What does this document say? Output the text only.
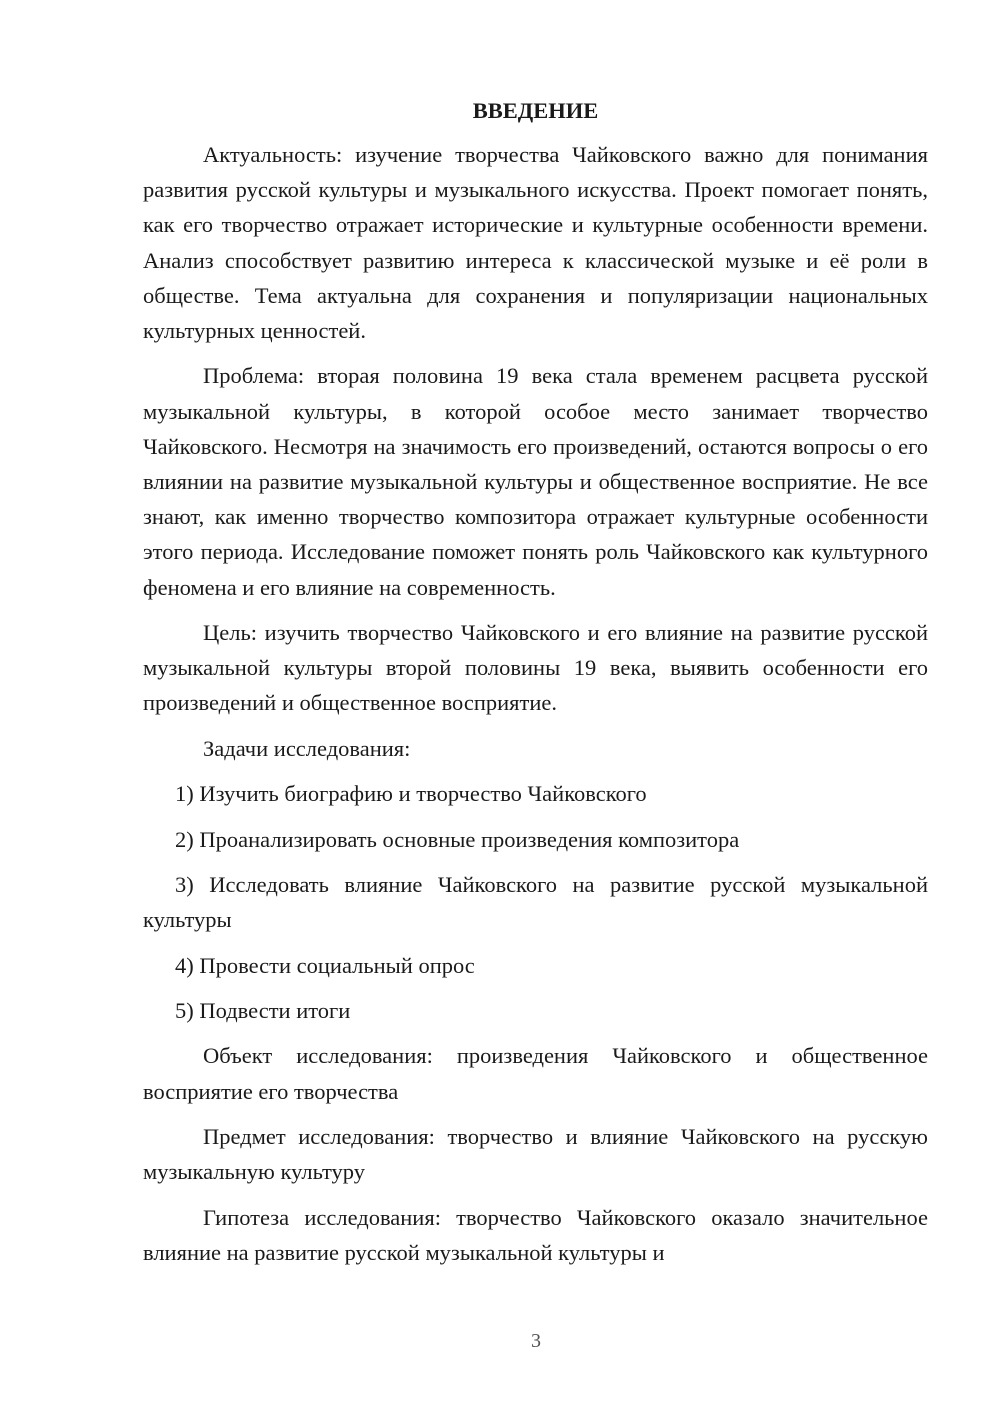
ВВЕДЕНИЕ

Актуальность: изучение творчества Чайковского важно для понимания развития русской культуры и музыкального искусства. Проект помогает понять, как его творчество отражает исторические и культурные особенности времени. Анализ способствует развитию интереса к классической музыке и её роли в обществе. Тема актуальна для сохранения и популяризации национальных культурных ценностей.

Проблема: вторая половина 19 века стала временем расцвета русской музыкальной культуры, в которой особое место занимает творчество Чайковского. Несмотря на значимость его произведений, остаются вопросы о его влиянии на развитие музыкальной культуры и общественное восприятие. Не все знают, как именно творчество композитора отражает культурные особенности этого периода. Исследование поможет понять роль Чайковского как культурного феномена и его влияние на современность.

Цель: изучить творчество Чайковского и его влияние на развитие русской музыкальной культуры второй половины 19 века, выявить особенности его произведений и общественное восприятие.

Задачи исследования:

1) Изучить биографию и творчество Чайковского

2) Проанализировать основные произведения композитора

3) Исследовать влияние Чайковского на развитие русской музыкальной культуры

4) Провести социальный опрос

5) Подвести итоги

Объект исследования: произведения Чайковского и общественное восприятие его творчества

Предмет исследования: творчество и влияние Чайковского на русскую музыкальную культуру

Гипотеза исследования: творчество Чайковского оказало значительное влияние на развитие русской музыкальной культуры и

3
